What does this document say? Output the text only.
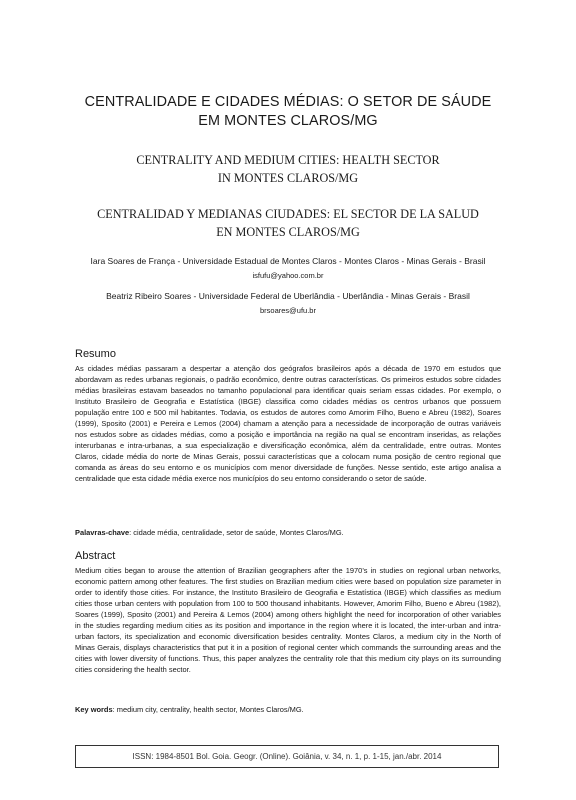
CENTRALIDADE E CIDADES MÉDIAS: O SETOR DE SÁUDE
EM MONTES CLAROS/MG
CENTRALITY AND MEDIUM CITIES: HEALTH SECTOR
IN MONTES CLAROS/MG
CENTRALIDAD Y MEDIANAS CIUDADES: EL SECTOR DE LA SALUD
EN MONTES CLAROS/MG
Iara Soares de França - Universidade Estadual de Montes Claros - Montes Claros - Minas Gerais - Brasil
isfufu@yahoo.com.br
Beatriz Ribeiro Soares - Universidade Federal de Uberlândia - Uberlândia - Minas Gerais - Brasil
brsoares@ufu.br
Resumo

As cidades médias passaram a despertar a atenção dos geógrafos brasileiros após a década de 1970 em estudos que abordavam as redes urbanas regionais, o padrão econômico, dentre outras características. Os primeiros estudos sobre cidades médias brasileiras estavam baseados no tamanho populacional para identificar quais seriam essas cidades. Por exemplo, o Instituto Brasileiro de Geografia e Estatística (IBGE) classifica como cidades médias os centros urbanos que possuem população entre 100 e 500 mil habitantes. Todavia, os estudos de autores como Amorim Filho, Bueno e Abreu (1982), Soares (1999), Sposito (2001) e Pereira e Lemos (2004) chamam a atenção para a necessidade de incorporação de outras variáveis nos estudos sobre as cidades médias, como a posição e importância na região na qual se encontram inseridas, as relações interurbanas e intra-urbanas, a sua especialização e diversificação econômica, além da centralidade, entre outras. Montes Claros, cidade média do norte de Minas Gerais, possui características que a colocam numa posição de centro regional que comanda as áreas do seu entorno e os municípios com menor diversidade de funções. Nesse sentido, este artigo analisa a centralidade que esta cidade média exerce nos municípios do seu entorno considerando o setor de saúde.

Palavras-chave: cidade média, centralidade, setor de saúde, Montes Claros/MG.
Abstract

Medium cities began to arouse the attention of Brazilian geographers after the 1970’s in studies on regional urban networks, economic pattern among other features. The first studies on Brazilian medium cities were based on population size parameter in order to identify those cities. For instance, the Instituto Brasileiro de Geografia e Estatística (IBGE) which classifies as medium cities those urban centers with population from 100 to 500 thousand inhabitants. However, Amorim Filho, Bueno e Abreu (1982), Soares (1999), Sposito (2001) and Pereira & Lemos (2004) among others highlight the need for incorporation of other variables in the studies regarding medium cities as its position and importance in the region where it is located, the inter-urban and intra-urban factors, its specialization and economic diversification besides centrality. Montes Claros, a medium city in the North of Minas Gerais, displays characteristics that put it in a position of regional center which commands the surrounding areas and the cities with lower diversity of functions. Thus, this paper analyzes the centrality role that this medium city plays on its surrounding cities considering the health sector.

Key words: medium city, centrality, health sector, Montes Claros/MG.
ISSN: 1984-8501 Bol. Goia. Geogr. (Online). Goiânia, v. 34, n. 1, p. 1-15, jan./abr. 2014
